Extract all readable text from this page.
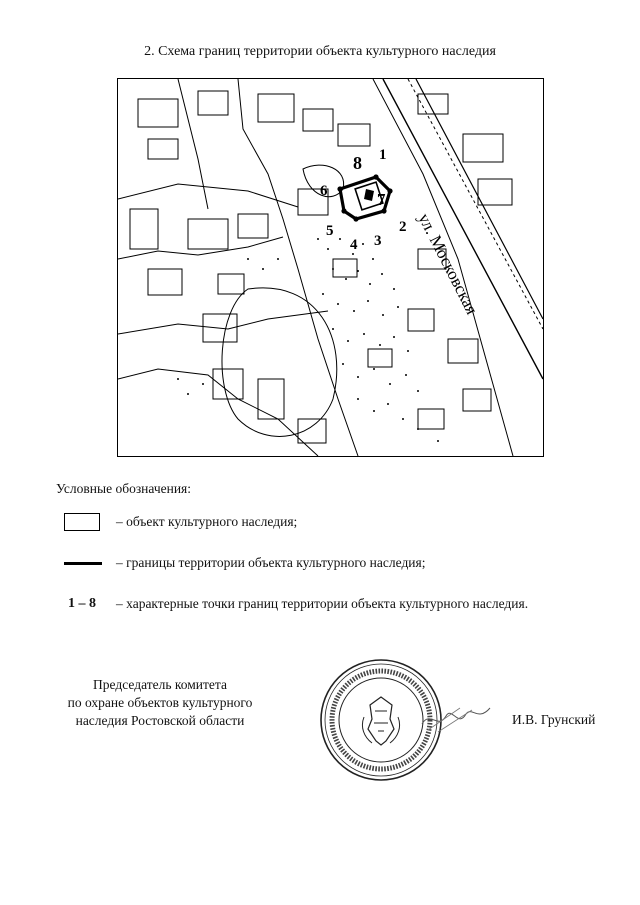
2. Схема границ территории объекта культурного наследия
1
2
3
4
5
6	7
8
ул. Московская
Условные обозначения:
– объект культурного наследия;
– границы территории объекта культурного наследия;
1 – 8	– характерные точки границ территории объекта культурного наследия.
Председатель комитета
по охране объектов культурного
наследия Ростовской области	И.В. Грунский
